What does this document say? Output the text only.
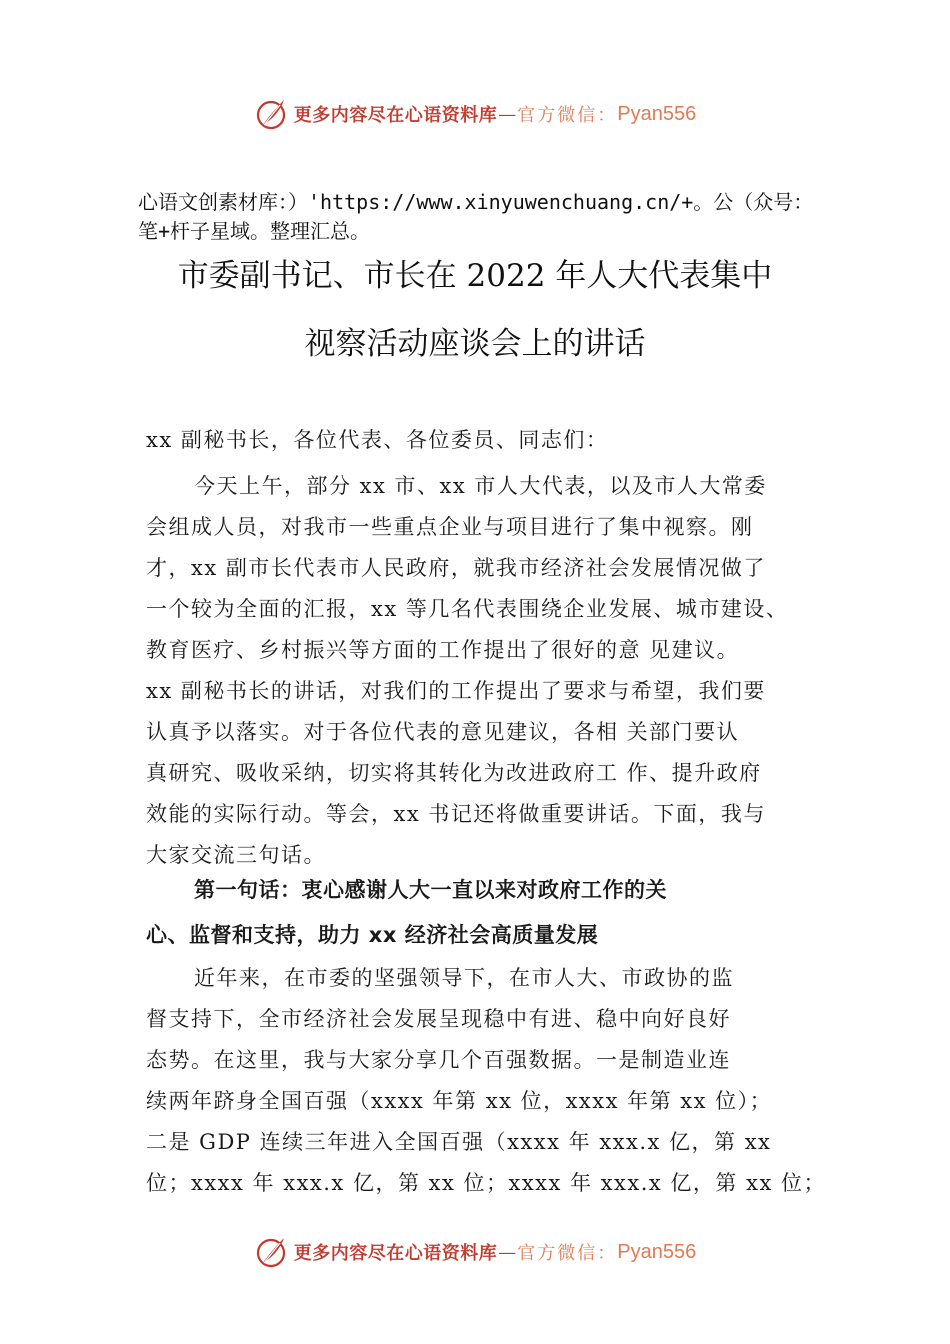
更多内容尽在心语资料库 — 官方微信： Pyan556

心语文创素材库：）'https://www.xinyuwenchuang.cn/+。公（众号：笔+杆子星域。整理汇总。

市委副书记、市长在 2022 年人大代表集中
视察活动座谈会上的讲话
xx 副秘书长，各位代表、各位委员、同志们：
今天上午，部分 xx 市、xx 市人大代表，以及市人大常委
会组成人员，对我市一些重点企业与项目进行了集中视察。刚
才，xx 副市长代表市人民政府，就我市经济社会发展情况做了
一个较为全面的汇报，xx 等几名代表围绕企业发展、城市建设、
教育医疗、乡村振兴等方面的工作提出了很好的意 见建议。
xx 副秘书长的讲话，对我们的工作提出了要求与希望，我们要
认真予以落实。对于各位代表的意见建议，各相 关部门要认
真研究、吸收采纳，切实将其转化为改进政府工 作、提升政府
效能的实际行动。等会，xx 书记还将做重要讲话。下面，我与
大家交流三句话。
第一句话：衷心感谢人大一直以来对政府工作的关
心、监督和支持，助力 xx 经济社会高质量发展
近年来，在市委的坚强领导下，在市人大、市政协的监
督支持下，全市经济社会发展呈现稳中有进、稳中向好良好
态势。在这里，我与大家分享几个百强数据。一是制造业连
续两年跻身全国百强（xxxx 年第 xx 位，xxxx 年第 xx 位）；
二是 GDP 连续三年进入全国百强（xxxx 年 xxx.x 亿，第 xx
位；xxxx 年 xxx.x 亿，第 xx 位；xxxx 年 xxx.x 亿，第 xx 位；
更多内容尽在心语资料库 — 官方微信： Pyan556
